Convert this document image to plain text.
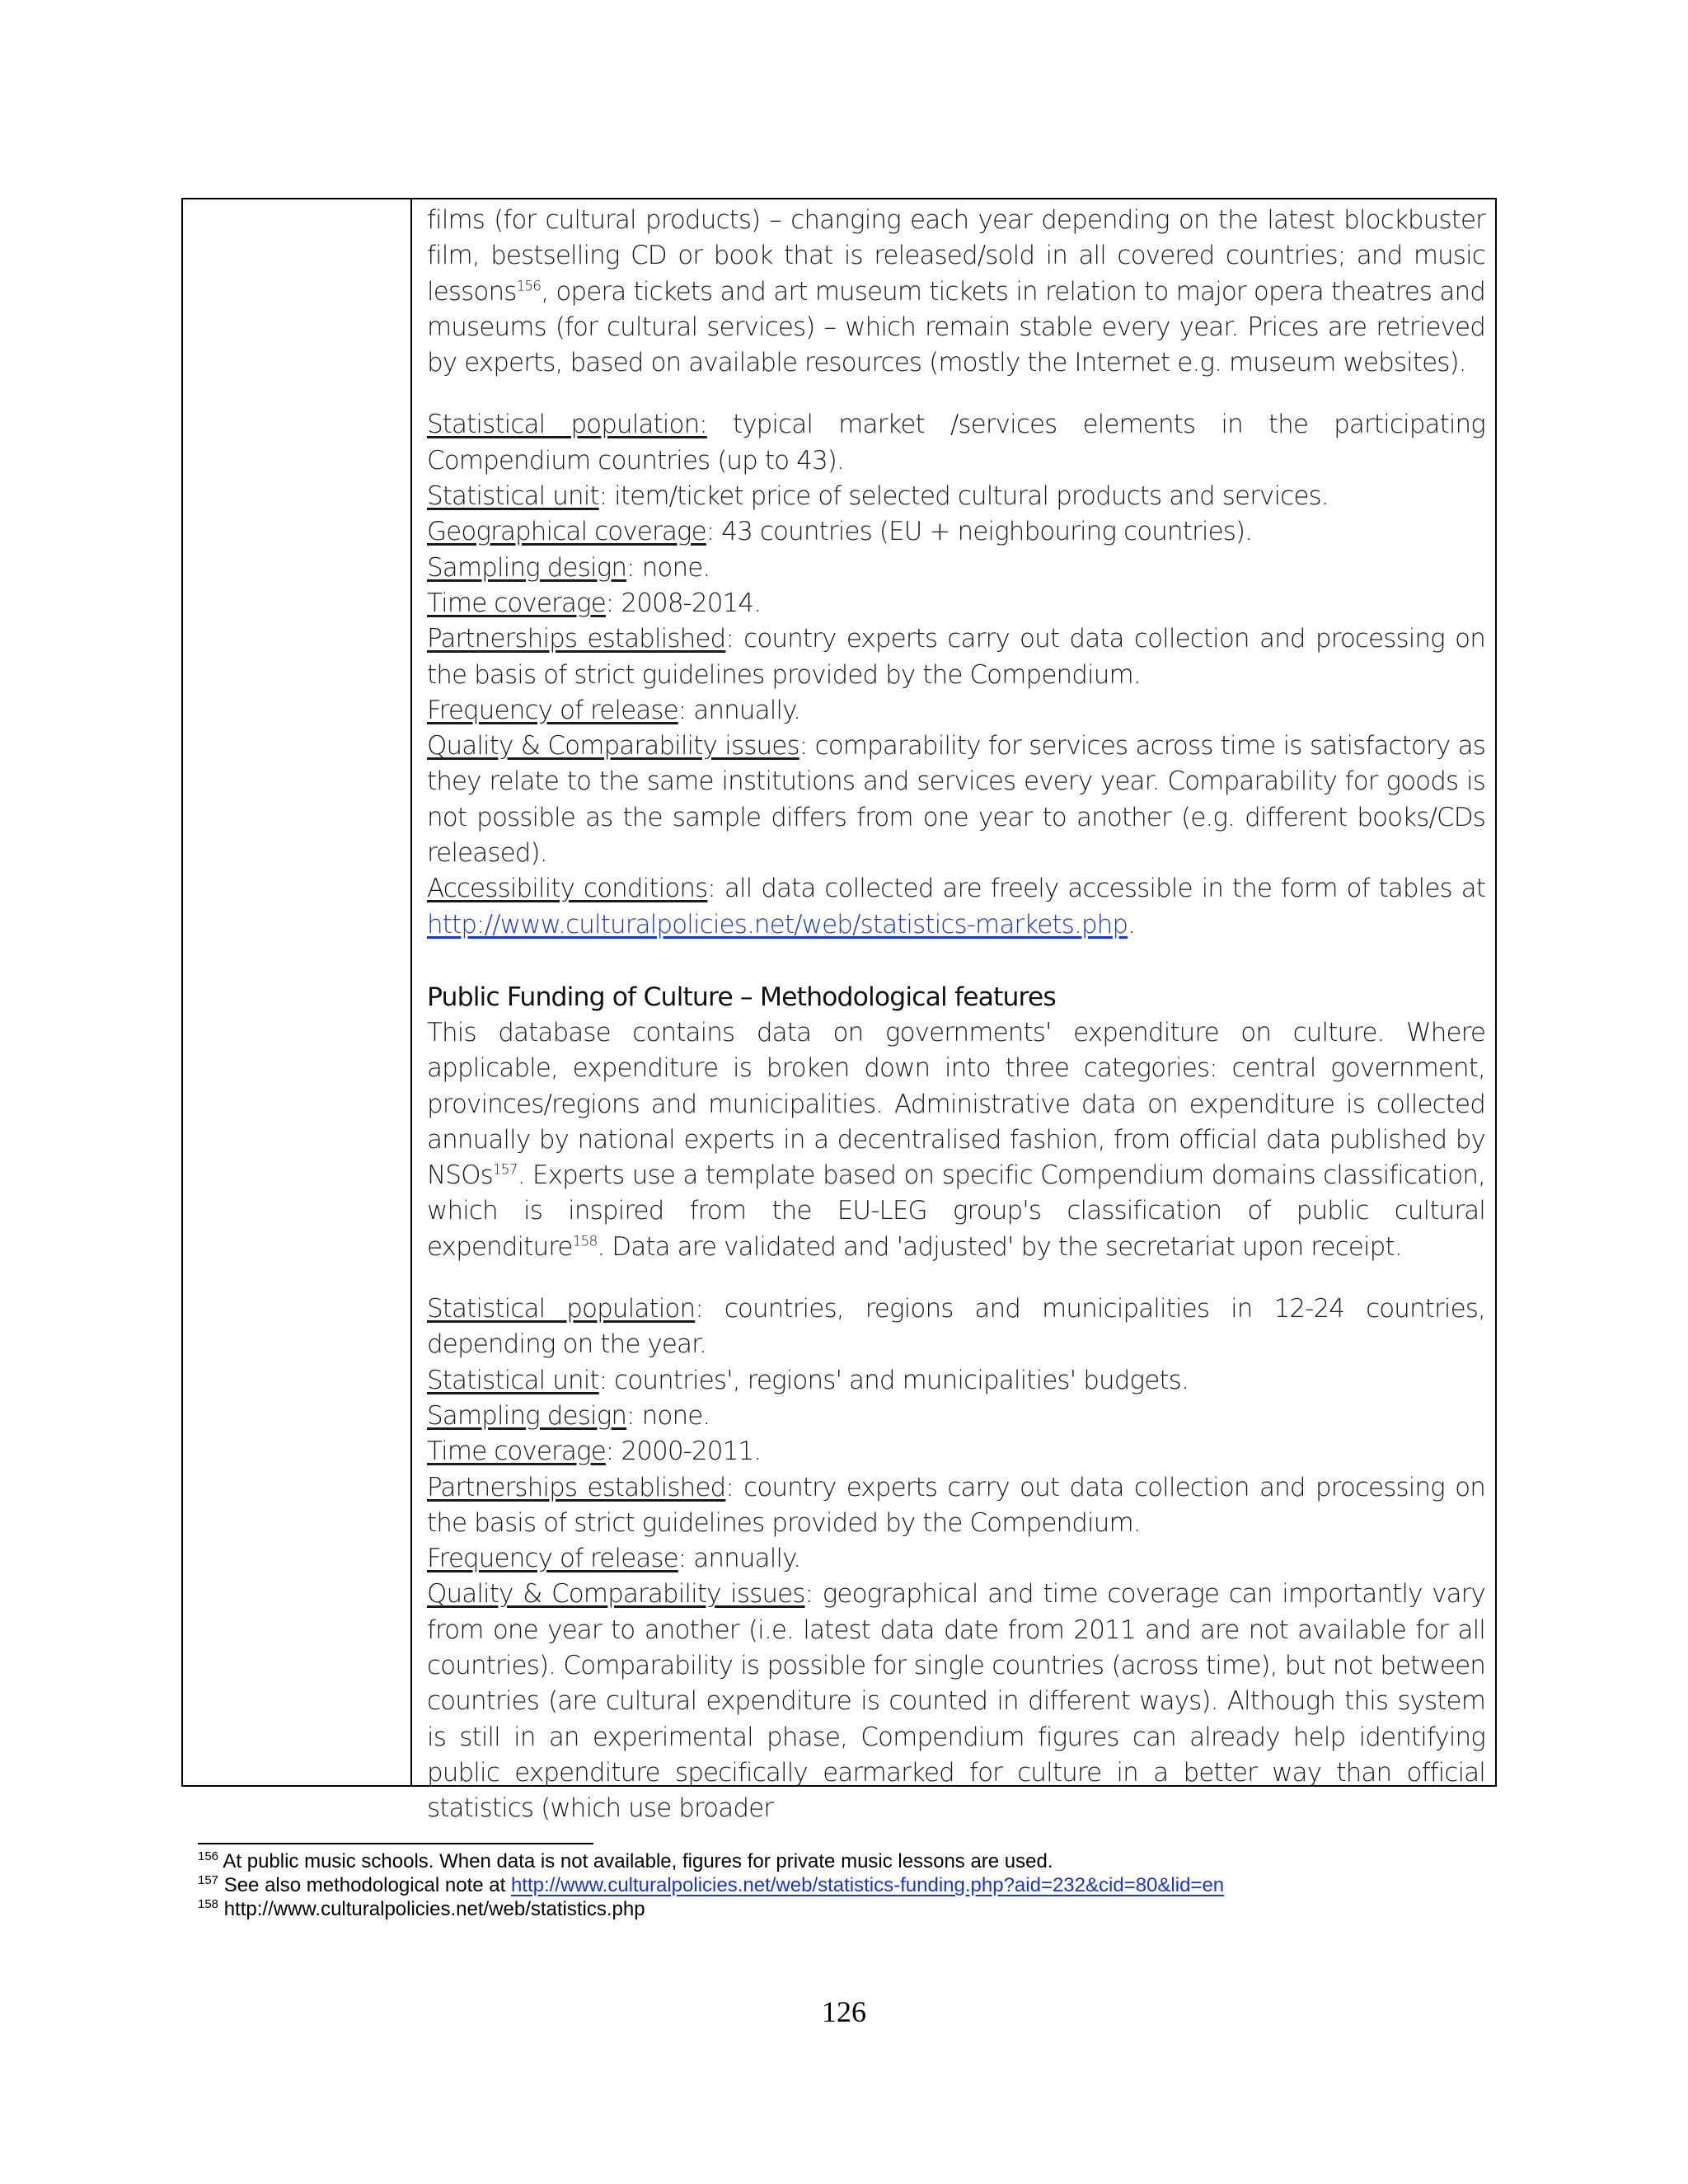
films (for cultural products) – changing each year depending on the latest blockbuster film, bestselling CD or book that is released/sold in all covered countries; and music lessons$^{156}$, opera tickets and art museum tickets in relation to major opera theatres and museums (for cultural services) – which remain stable every year. Prices are retrieved by experts, based on available resources (mostly the Internet e.g. museum websites).

Statistical population: typical market /services elements in the participating Compendium countries (up to 43).

Statistical unit: item/ticket price of selected cultural products and services.

Geographical coverage: 43 countries (EU + neighbouring countries).

Sampling design: none.

Time coverage: 2008-2014.

Partnerships established: country experts carry out data collection and processing on the basis of strict guidelines provided by the Compendium.

Frequency of release: annually.

Quality & Comparability issues: comparability for services across time is satisfactory as they relate to the same institutions and services every year. Comparability for goods is not possible as the sample differs from one year to another (e.g. different books/CDs released).

Accessibility conditions: all data collected are freely accessible in the form of tables at http://www.culturalpolicies.net/web/statistics-markets.php.

Public Funding of Culture – Methodological features

This database contains data on governments' expenditure on culture. Where applicable, expenditure is broken down into three categories: central government, provinces/regions and municipalities. Administrative data on expenditure is collected annually by national experts in a decentralised fashion, from official data published by NSOs$^{157}$. Experts use a template based on specific Compendium domains classification, which is inspired from the EU-LEG group's classification of public cultural expenditure$^{158}$. Data are validated and 'adjusted' by the secretariat upon receipt.

Statistical population: countries, regions and municipalities in 12-24 countries, depending on the year.

Statistical unit: countries', regions' and municipalities' budgets.

Sampling design: none.

Time coverage: 2000-2011.

Partnerships established: country experts carry out data collection and processing on the basis of strict guidelines provided by the Compendium.

Frequency of release: annually.

Quality & Comparability issues: geographical and time coverage can importantly vary from one year to another (i.e. latest data date from 2011 and are not available for all countries). Comparability is possible for single countries (across time), but not between countries (are cultural expenditure is counted in different ways). Although this system is still in an experimental phase, Compendium figures can already help identifying public expenditure specifically earmarked for culture in a better way than official statistics (which use broader

$^{156}$ At public music schools. When data is not available, figures for private music lessons are used.
$^{157}$ See also methodological note at http://www.culturalpolicies.net/web/statistics-funding.php?aid=232&cid=80&lid=en
$^{158}$ http://www.culturalpolicies.net/web/statistics.php
126
